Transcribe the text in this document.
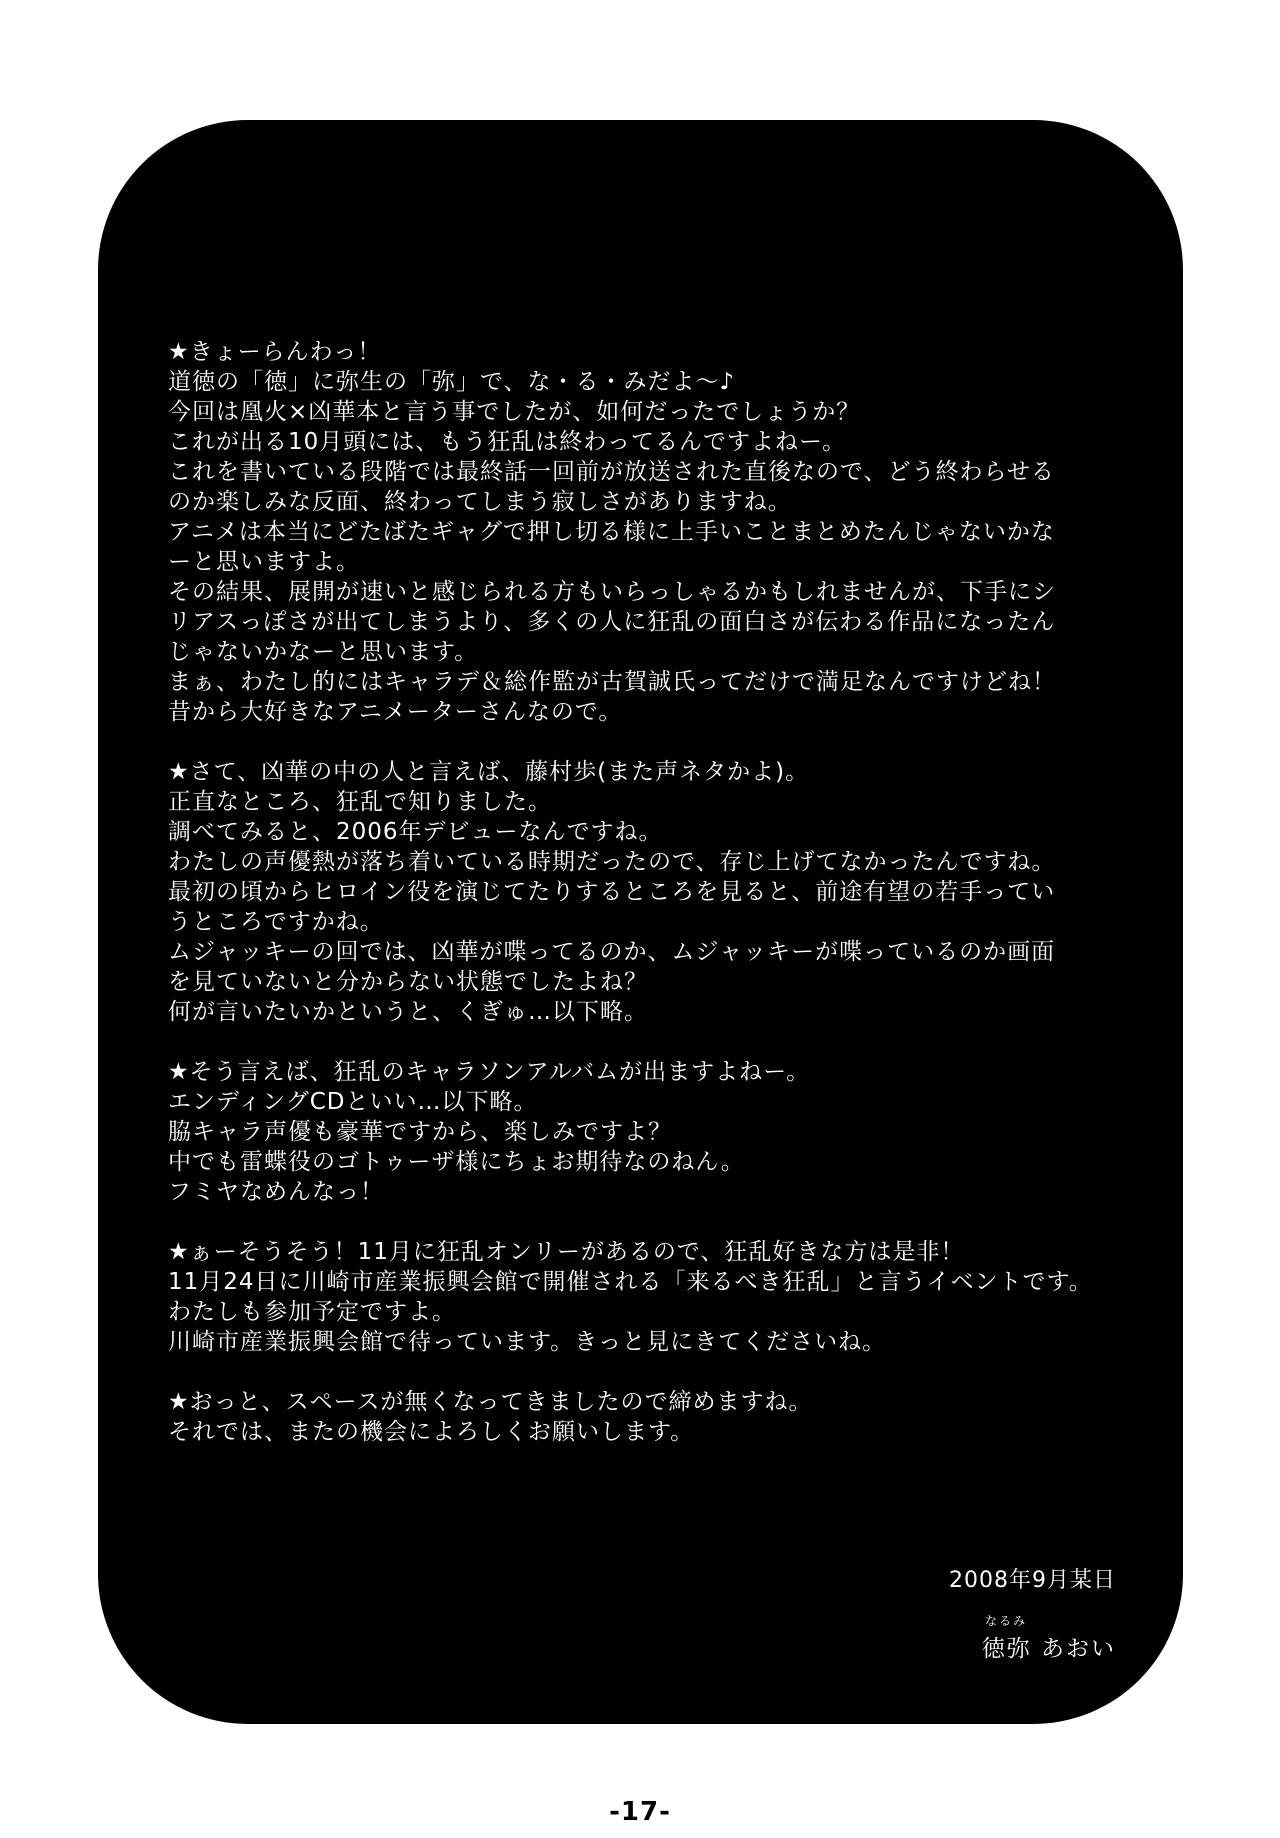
★きょーらんわっ！
道徳の「徳」に弥生の「弥」で、な・る・みだよ～♪
今回は凰火×凶華本と言う事でしたが、如何だったでしょうか？
これが出る10月頭には、もう狂乱は終わってるんですよねー。
これを書いている段階では最終話一回前が放送された直後なので、どう終わらせる
のか楽しみな反面、終わってしまう寂しさがありますね。
アニメは本当にどたばたギャグで押し切る様に上手いことまとめたんじゃないかな
ーと思いますよ。
その結果、展開が速いと感じられる方もいらっしゃるかもしれませんが、下手にシ
リアスっぽさが出てしまうより、多くの人に狂乱の面白さが伝わる作品になったん
じゃないかなーと思います。
まぁ、わたし的にはキャラデ＆総作監が古賀誠氏ってだけで満足なんですけどね！
昔から大好きなアニメーターさんなので。
★さて、凶華の中の人と言えば、藤村歩(また声ネタかよ)。
正直なところ、狂乱で知りました。
調べてみると、2006年デビューなんですね。
わたしの声優熱が落ち着いている時期だったので、存じ上げてなかったんですね。
最初の頃からヒロイン役を演じてたりするところを見ると、前途有望の若手ってい
うところですかね。
ムジャッキーの回では、凶華が喋ってるのか、ムジャッキーが喋っているのか画面
を見ていないと分からない状態でしたよね？
何が言いたいかというと、くぎゅ…以下略。
★そう言えば、狂乱のキャラソンアルバムが出ますよねー。
エンディングCDといい…以下略。
脇キャラ声優も豪華ですから、楽しみですよ？
中でも雷蝶役のゴトゥーザ様にちょお期待なのねん。
フミヤなめんなっ！
★ぁーそうそう！11月に狂乱オンリーがあるので、狂乱好きな方は是非！
11月24日に川崎市産業振興会館で開催される「来るべき狂乱」と言うイベントです。
わたしも参加予定ですよ。
川崎市産業振興会館で待っています。きっと見にきてくださいね。
★おっと、スペースが無くなってきましたので締めますね。
それでは、またの機会によろしくお願いします。
2008年9月某日
なるみ
徳弥 あおい
-17-
